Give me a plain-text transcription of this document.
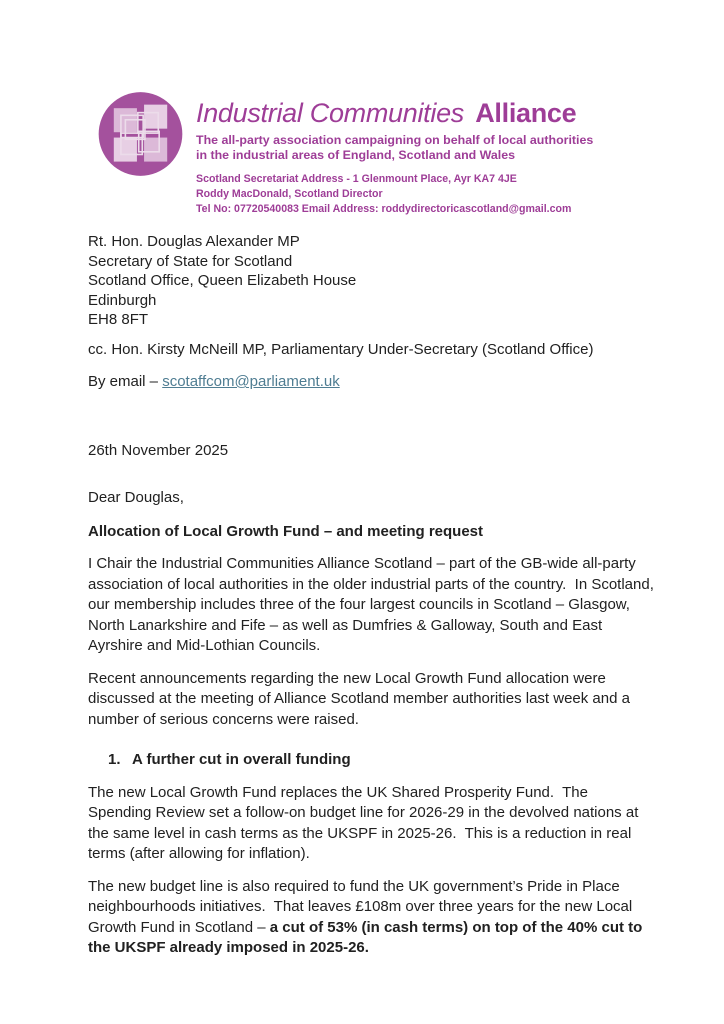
Industrial Communities Alliance
The all-party association campaigning on behalf of local authorities
in the industrial areas of England, Scotland and Wales
Scotland Secretariat Address - 1 Glenmount Place, Ayr KA7 4JE
Roddy MacDonald, Scotland Director
Tel No: 07720540083 Email Address: roddydirectoricascotland@gmail.com
Rt. Hon. Douglas Alexander MP
Secretary of State for Scotland
Scotland Office, Queen Elizabeth House
Edinburgh
EH8 8FT
cc. Hon. Kirsty McNeill MP, Parliamentary Under-Secretary (Scotland Office)
By email – scotaffcom@parliament.uk
26th November 2025
Dear Douglas,
Allocation of Local Growth Fund – and meeting request

I Chair the Industrial Communities Alliance Scotland – part of the GB-wide all-party association of local authorities in the older industrial parts of the country.  In Scotland, our membership includes three of the four largest councils in Scotland – Glasgow, North Lanarkshire and Fife – as well as Dumfries & Galloway, South and East Ayrshire and Mid-Lothian Councils.

Recent announcements regarding the new Local Growth Fund allocation were discussed at the meeting of Alliance Scotland member authorities last week and a number of serious concerns were raised.

1. A further cut in overall funding

The new Local Growth Fund replaces the UK Shared Prosperity Fund.  The Spending Review set a follow-on budget line for 2026-29 in the devolved nations at the same level in cash terms as the UKSPF in 2025-26.  This is a reduction in real terms (after allowing for inflation).

The new budget line is also required to fund the UK government’s Pride in Place neighbourhoods initiatives.  That leaves £108m over three years for the new Local Growth Fund in Scotland – a cut of 53% (in cash terms) on top of the 40% cut to the UKSPF already imposed in 2025-26.
